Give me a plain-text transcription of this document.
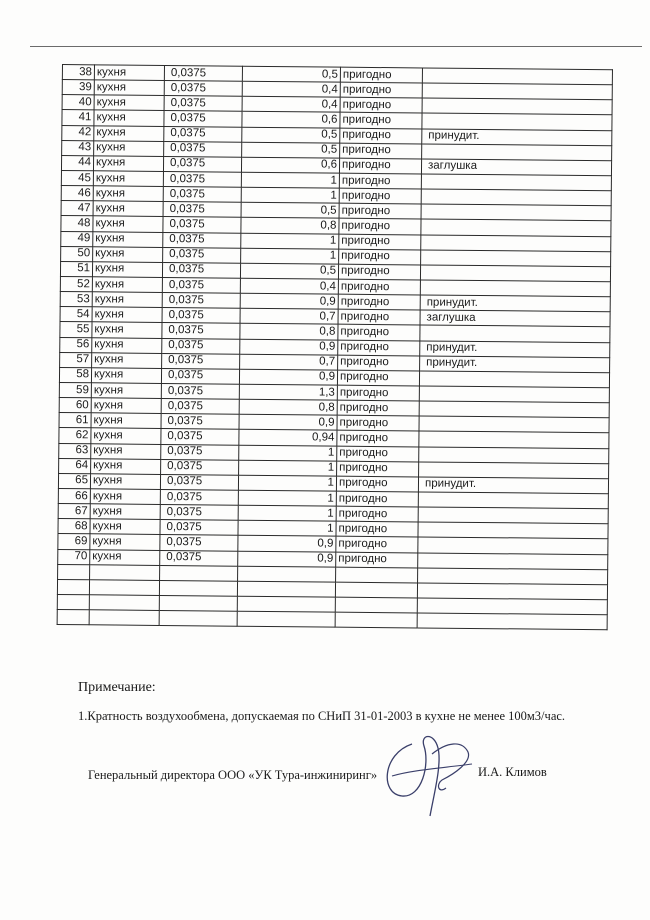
38	кухня	0,0375	0,5	пригодно	
39	кухня	0,0375	0,4	пригодно	
40	кухня	0,0375	0,4	пригодно	
41	кухня	0,0375	0,6	пригодно	
42	кухня	0,0375	0,5	пригодно	принудит.
43	кухня	0,0375	0,5	пригодно	
44	кухня	0,0375	0,6	пригодно	заглушка
45	кухня	0,0375	1	пригодно	
46	кухня	0,0375	1	пригодно	
47	кухня	0,0375	0,5	пригодно	
48	кухня	0,0375	0,8	пригодно	
49	кухня	0,0375	1	пригодно	
50	кухня	0,0375	1	пригодно	
51	кухня	0,0375	0,5	пригодно	
52	кухня	0,0375	0,4	пригодно	
53	кухня	0,0375	0,9	пригодно	принудит.
54	кухня	0,0375	0,7	пригодно	заглушка
55	кухня	0,0375	0,8	пригодно	
56	кухня	0,0375	0,9	пригодно	принудит.
57	кухня	0,0375	0,7	пригодно	принудит.
58	кухня	0,0375	0,9	пригодно	
59	кухня	0,0375	1,3	пригодно	
60	кухня	0,0375	0,8	пригодно	
61	кухня	0,0375	0,9	пригодно	
62	кухня	0,0375	0,94	пригодно	
63	кухня	0,0375	1	пригодно	
64	кухня	0,0375	1	пригодно	
65	кухня	0,0375	1	пригодно	принудит.
66	кухня	0,0375	1	пригодно	
67	кухня	0,0375	1	пригодно	
68	кухня	0,0375	1	пригодно	
69	кухня	0,0375	0,9	пригодно	
70	кухня	0,0375	0,9	пригодно	

Примечание:
1.Кратность воздухообмена, допускаемая по СНиП 31-01-2003 в кухне не менее 100м3/час.
Генеральный директора ООО «УК Тура-инжиниринг»	И.А. Климов
